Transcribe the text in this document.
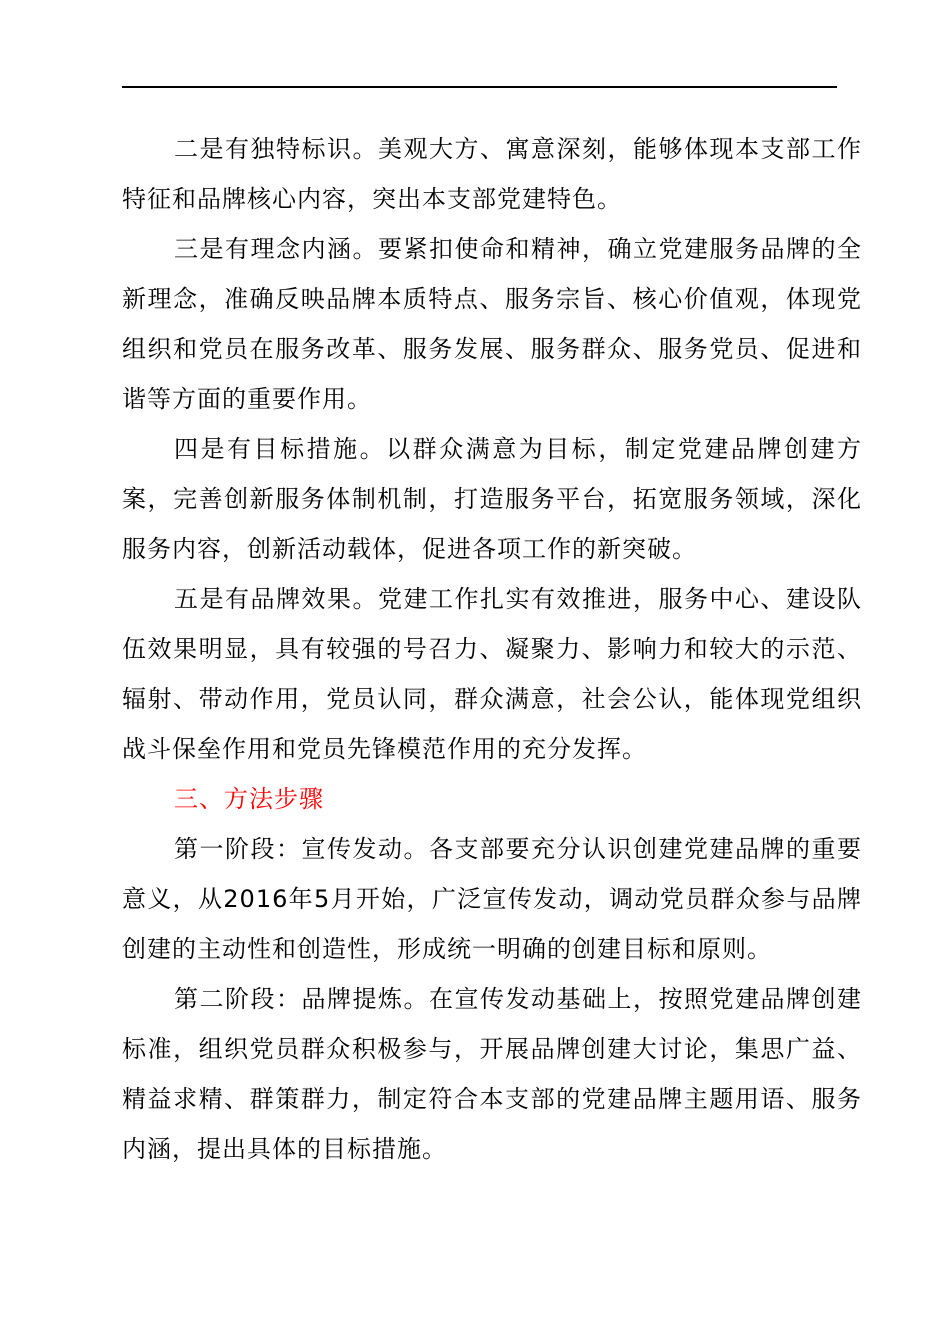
二是有独特标识。美观大方、寓意深刻，能够体现本支部工作特征和品牌核心内容，突出本支部党建特色。

三是有理念内涵。要紧扣使命和精神，确立党建服务品牌的全新理念，准确反映品牌本质特点、服务宗旨、核心价值观，体现党组织和党员在服务改革、服务发展、服务群众、服务党员、促进和谐等方面的重要作用。

四是有目标措施。以群众满意为目标，制定党建品牌创建方案，完善创新服务体制机制，打造服务平台，拓宽服务领域，深化服务内容，创新活动载体，促进各项工作的新突破。

五是有品牌效果。党建工作扎实有效推进，服务中心、建设队伍效果明显，具有较强的号召力、凝聚力、影响力和较大的示范、辐射、带动作用，党员认同，群众满意，社会公认，能体现党组织战斗保垒作用和党员先锋模范作用的充分发挥。

三、方法步骤

第一阶段：宣传发动。各支部要充分认识创建党建品牌的重要意义，从2016年5月开始，广泛宣传发动，调动党员群众参与品牌创建的主动性和创造性，形成统一明确的创建目标和原则。

第二阶段：品牌提炼。在宣传发动基础上，按照党建品牌创建标准，组织党员群众积极参与，开展品牌创建大讨论，集思广益、精益求精、群策群力，制定符合本支部的党建品牌主题用语、服务内涵，提出具体的目标措施。
